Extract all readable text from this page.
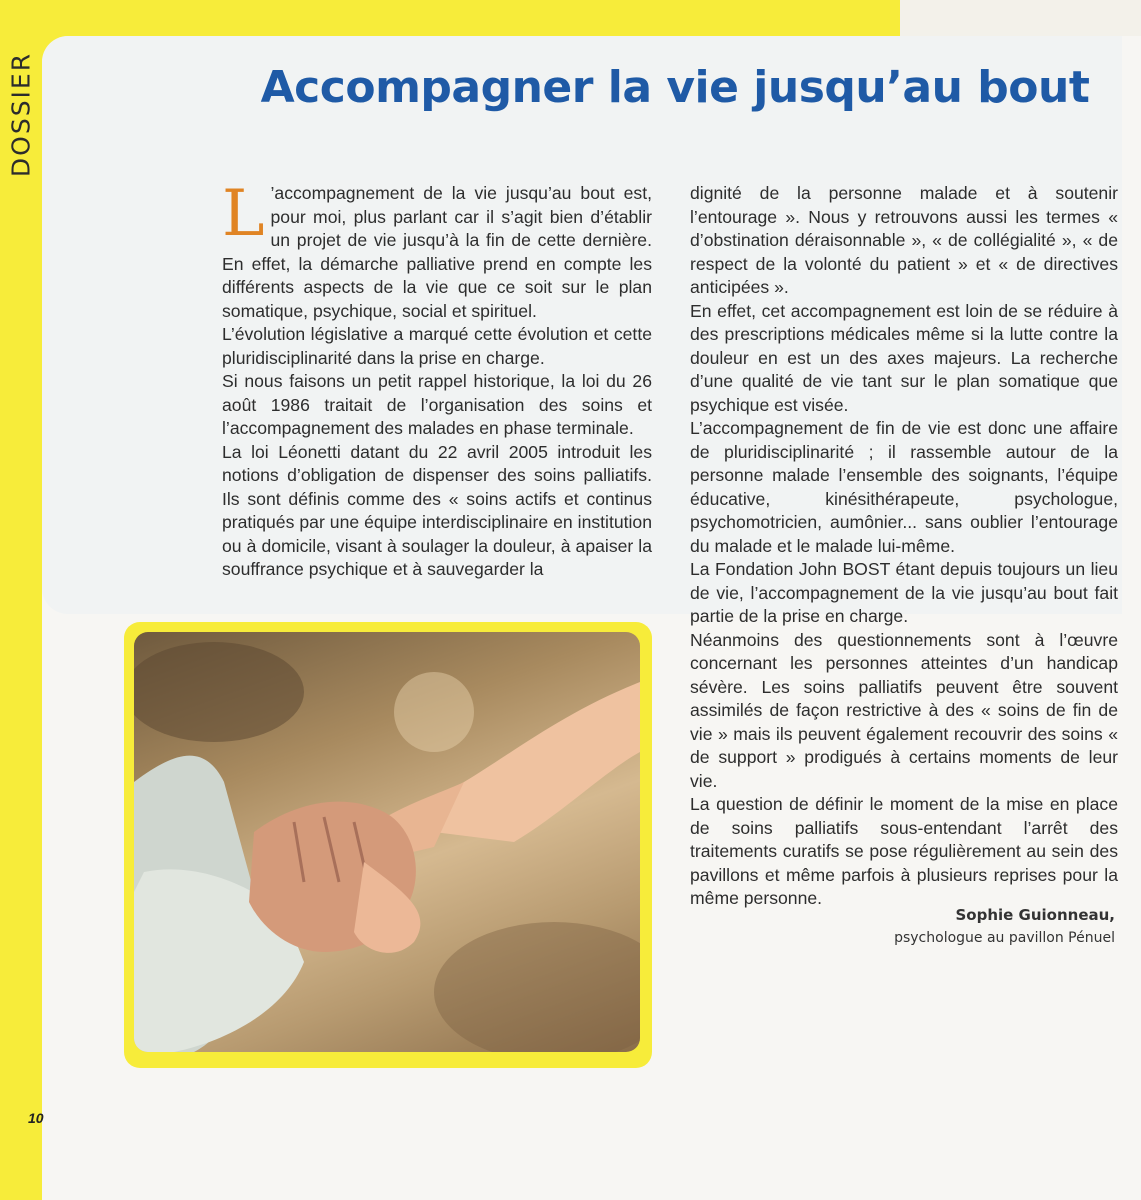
DOSSIER	Accompagner la vie jusqu’au bout

L ’accompagnement de la vie jusqu’au bout est, pour moi, plus parlant car il s’agit bien d’établir un projet de vie jusqu’à la fin de cette dernière. En effet, la démarche palliative prend en compte les différents aspects de la vie que ce soit sur le plan somatique, psychique, social et spirituel.

L’évolution législative a marqué cette évolution et cette pluridisciplinarité dans la prise en charge.

Si nous faisons un petit rappel historique, la loi du 26 août 1986 traitait de l’organisation des soins et l’accompagnement des malades en phase terminale.

La loi Léonetti datant du 22 avril 2005 introduit les notions d’obligation de dispenser des soins palliatifs. Ils sont définis comme des « soins actifs et continus pratiqués par une équipe interdisciplinaire en institution ou à domicile, visant à soulager la douleur, à apaiser la souffrance psychique et à sauvegarder la

dignité de la personne malade et à soutenir l’entourage ». Nous y retrouvons aussi les termes « d’obstination déraisonnable », « de collégialité », « de respect de la volonté du patient » et « de directives anticipées ».

En effet, cet accompagnement est loin de se réduire à des prescriptions médicales même si la lutte contre la douleur en est un des axes majeurs. La recherche d’une qualité de vie tant sur le plan somatique que psychique est visée.

L’accompagnement de fin de vie est donc une affaire de pluridisciplinarité ; il rassemble autour de la personne malade l’ensemble des soignants, l’équipe éducative, kinésithérapeute, psychologue, psychomotricien, aumônier... sans oublier l’entourage du malade et le malade lui-même.

La Fondation John BOST étant depuis toujours un lieu de vie, l’accompagnement de la vie jusqu’au bout fait partie de la prise en charge.

Néanmoins des questionnements sont à l’œuvre concernant les personnes atteintes d’un handicap sévère. Les soins palliatifs peuvent être souvent assimilés de façon restrictive à des « soins de fin de vie » mais ils peuvent également recouvrir des soins « de support » prodigués à certains moments de leur vie.

La question de définir le moment de la mise en place de soins palliatifs sous-entendant l’arrêt des traitements curatifs se pose régulièrement au sein des pavillons et même parfois à plusieurs reprises pour la même personne.

Sophie Guionneau,
psychologue au pavillon Pénuel
10
